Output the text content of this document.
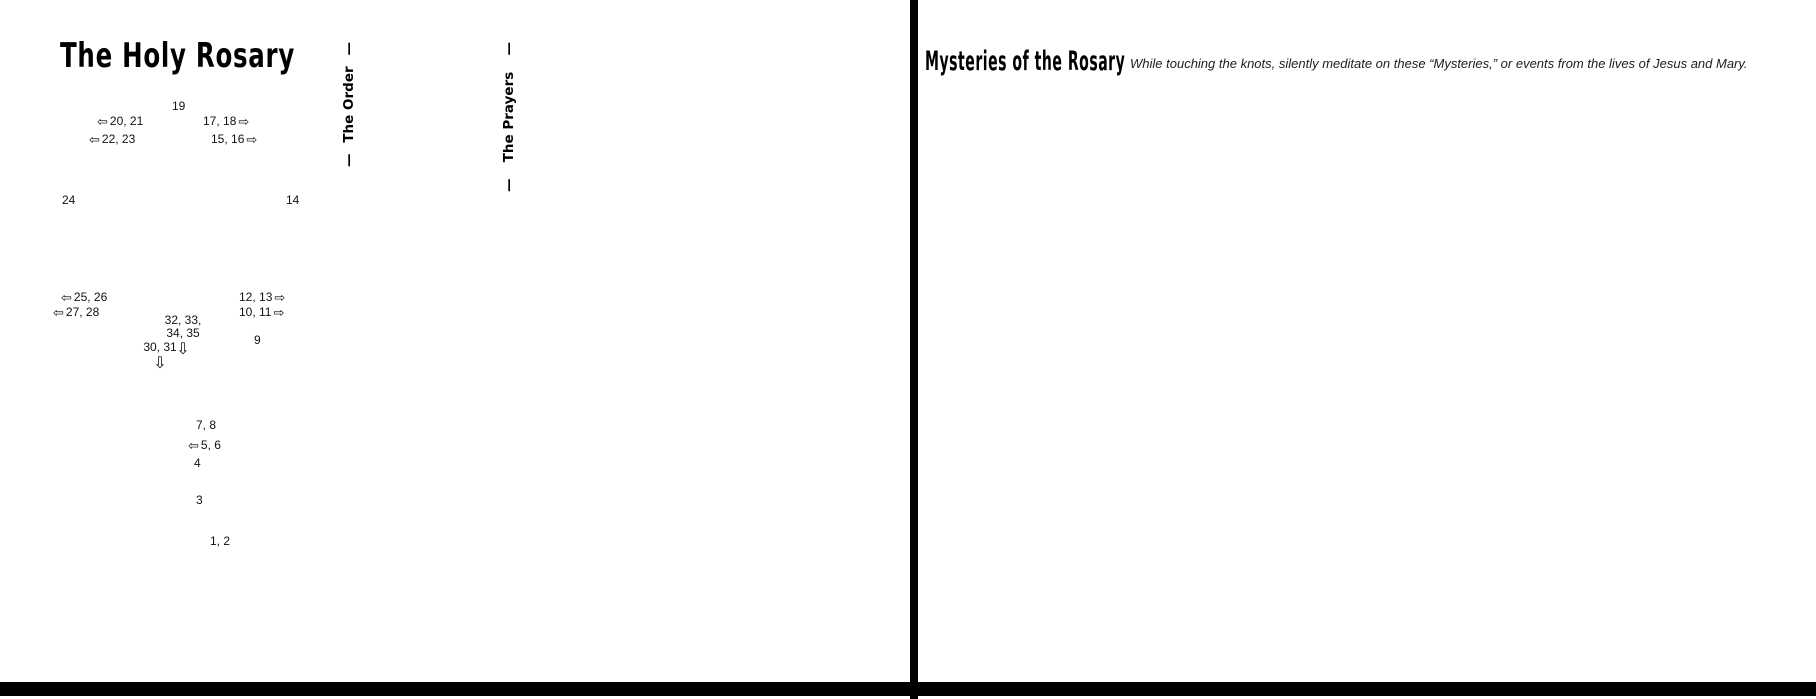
The Holy Rosary
19
⇦ 20, 21
⇦ 22, 23
17, 18 ⇨
15, 16 ⇨
24	14
⇦ 25, 26
⇦ 27, 28
12, 13 ⇨
10, 11 ⇨
32, 33,
34, 35
⇩
30, 31
⇩
9
7, 8
⇦ 5, 6
4
3
1, 2
—
The Order
—
—
The Prayers
—	Mysteries of the Rosary While touching the knots, silently meditate on these “Mysteries,” or events from the lives of Jesus and Mary.
